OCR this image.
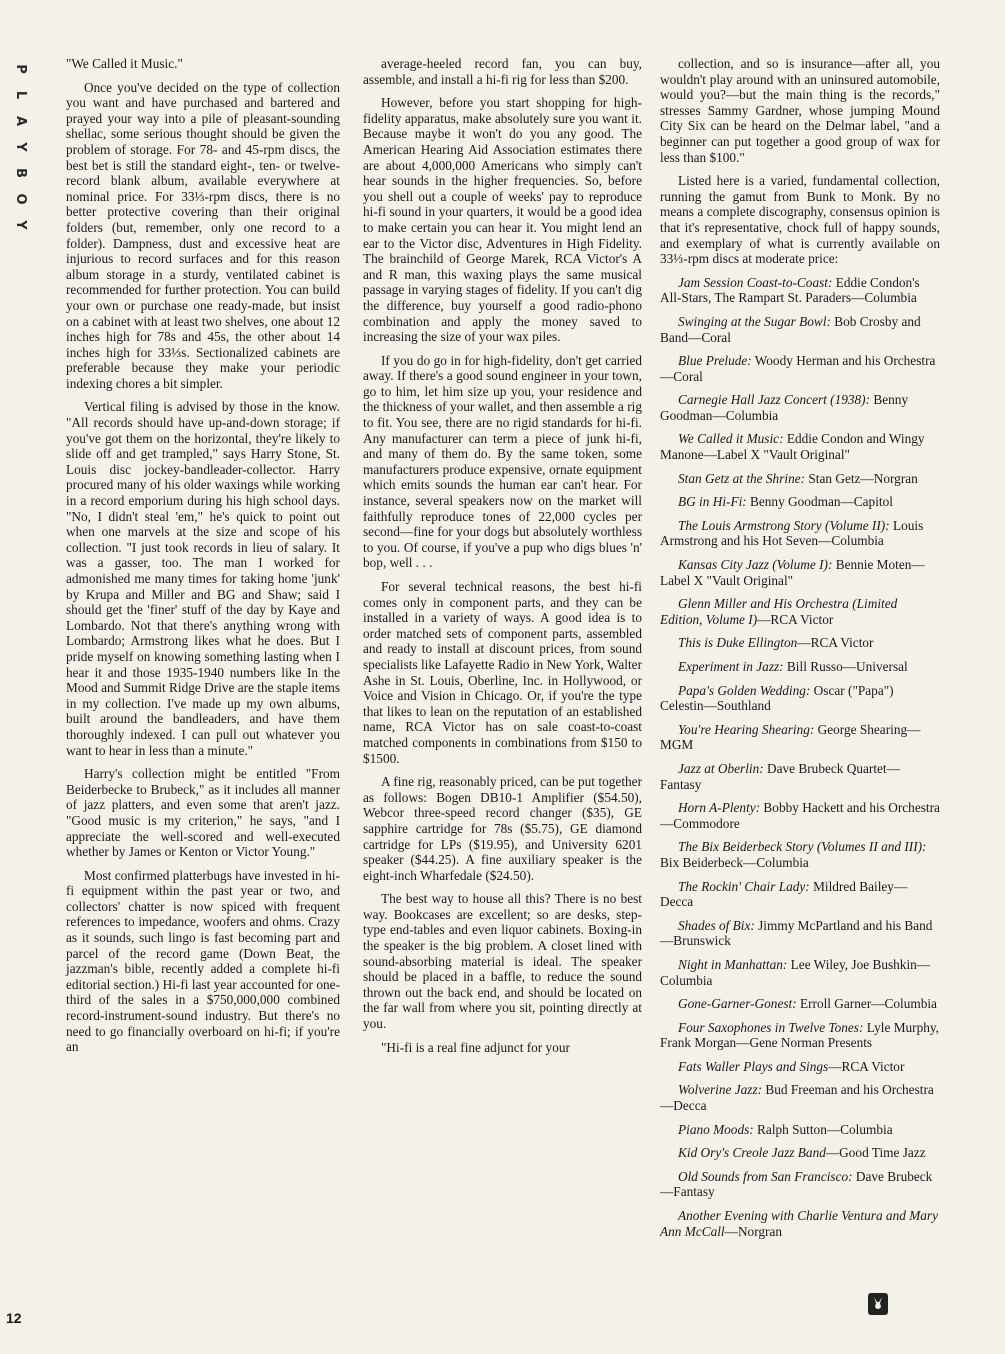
P
L
A
Y
B
O
Y

"We Called it Music."

Once you've decided on the type of collection you want and have purchased and bartered and prayed your way into a pile of pleasant-sounding shellac, some serious thought should be given the problem of storage. For 78- and 45-rpm discs, the best bet is still the standard eight-, ten- or twelve-record blank album, available everywhere at nominal price. For 33⅓-rpm discs, there is no better protective covering than their original folders (but, remember, only one record to a folder). Dampness, dust and excessive heat are injurious to record surfaces and for this reason album storage in a sturdy, ventilated cabinet is recommended for further protection. You can build your own or purchase one ready-made, but insist on a cabinet with at least two shelves, one about 12 inches high for 78s and 45s, the other about 14 inches high for 33⅓s. Sectionalized cabinets are preferable because they make your periodic indexing chores a bit simpler.

Vertical filing is advised by those in the know. "All records should have up-and-down storage; if you've got them on the horizontal, they're likely to slide off and get trampled," says Harry Stone, St. Louis disc jockey-bandleader-collector. Harry procured many of his older waxings while working in a record emporium during his high school days. "No, I didn't steal 'em," he's quick to point out when one marvels at the size and scope of his collection. "I just took records in lieu of salary. It was a gasser, too. The man I worked for admonished me many times for taking home 'junk' by Krupa and Miller and BG and Shaw; said I should get the 'finer' stuff of the day by Kaye and Lombardo. Not that there's anything wrong with Lombardo; Armstrong likes what he does. But I pride myself on knowing something lasting when I hear it and those 1935-1940 numbers like In the Mood and Summit Ridge Drive are the staple items in my collection. I've made up my own albums, built around the bandleaders, and have them thoroughly indexed. I can pull out whatever you want to hear in less than a minute."

Harry's collection might be entitled "From Beiderbecke to Brubeck," as it includes all manner of jazz platters, and even some that aren't jazz. "Good music is my criterion," he says, "and I appreciate the well-scored and well-executed whether by James or Kenton or Victor Young."

Most confirmed platterbugs have invested in hi-fi equipment within the past year or two, and collectors' chatter is now spiced with frequent references to impedance, woofers and ohms. Crazy as it sounds, such lingo is fast becoming part and parcel of the record game (Down Beat, the jazzman's bible, recently added a complete hi-fi editorial section.) Hi-fi last year accounted for one-third of the sales in a $750,000,000 combined record-instrument-sound industry. But there's no need to go financially overboard on hi-fi; if you're an

average-heeled record fan, you can buy, assemble, and install a hi-fi rig for less than $200.

However, before you start shopping for high-fidelity apparatus, make absolutely sure you want it. Because maybe it won't do you any good. The American Hearing Aid Association estimates there are about 4,000,000 Americans who simply can't hear sounds in the higher frequencies. So, before you shell out a couple of weeks' pay to reproduce hi-fi sound in your quarters, it would be a good idea to make certain you can hear it. You might lend an ear to the Victor disc, Adventures in High Fidelity. The brainchild of George Marek, RCA Victor's A and R man, this waxing plays the same musical passage in varying stages of fidelity. If you can't dig the difference, buy yourself a good radio-phono combination and apply the money saved to increasing the size of your wax piles.

If you do go in for high-fidelity, don't get carried away. If there's a good sound engineer in your town, go to him, let him size up you, your residence and the thickness of your wallet, and then assemble a rig to fit. You see, there are no rigid standards for hi-fi. Any manufacturer can term a piece of junk hi-fi, and many of them do. By the same token, some manufacturers produce expensive, ornate equipment which emits sounds the human ear can't hear. For instance, several speakers now on the market will faithfully reproduce tones of 22,000 cycles per second—fine for your dogs but absolutely worthless to you. Of course, if you've a pup who digs blues 'n' bop, well . . .

For several technical reasons, the best hi-fi comes only in component parts, and they can be installed in a variety of ways. A good idea is to order matched sets of component parts, assembled and ready to install at discount prices, from sound specialists like Lafayette Radio in New York, Walter Ashe in St. Louis, Oberline, Inc. in Hollywood, or Voice and Vision in Chicago. Or, if you're the type that likes to lean on the reputation of an established name, RCA Victor has on sale coast-to-coast matched components in combinations from $150 to $1500.

A fine rig, reasonably priced, can be put together as follows: Bogen DB10-1 Amplifier ($54.50), Webcor three-speed record changer ($35), GE sapphire cartridge for 78s ($5.75), GE diamond cartridge for LPs ($19.95), and University 6201 speaker ($44.25). A fine auxiliary speaker is the eight-inch Wharfedale ($24.50).

The best way to house all this? There is no best way. Bookcases are excellent; so are desks, step-type end-tables and even liquor cabinets. Boxing-in the speaker is the big problem. A closet lined with sound-absorbing material is ideal. The speaker should be placed in a baffle, to reduce the sound thrown out the back end, and should be located on the far wall from where you sit, pointing directly at you.

"Hi-fi is a real fine adjunct for your

collection, and so is insurance—after all, you wouldn't play around with an uninsured automobile, would you?—but the main thing is the records," stresses Sammy Gardner, whose jumping Mound City Six can be heard on the Delmar label, "and a beginner can put together a good group of wax for less than $100."

Listed here is a varied, fundamental collection, running the gamut from Bunk to Monk. By no means a complete discography, consensus opinion is that it's representative, chock full of happy sounds, and exemplary of what is currently available on 33⅓-rpm discs at moderate price:

Jam Session Coast-to-Coast: Eddie Condon's All-Stars, The Rampart St. Paraders—Columbia

Swinging at the Sugar Bowl: Bob Crosby and Band—Coral

Blue Prelude: Woody Herman and his Orchestra—Coral

Carnegie Hall Jazz Concert (1938): Benny Goodman—Columbia

We Called it Music: Eddie Condon and Wingy Manone—Label X "Vault Original"

Stan Getz at the Shrine: Stan Getz—Norgran

BG in Hi-Fi: Benny Goodman—Capitol

The Louis Armstrong Story (Volume II): Louis Armstrong and his Hot Seven—Columbia

Kansas City Jazz (Volume I): Bennie Moten—Label X "Vault Original"

Glenn Miller and His Orchestra (Limited Edition, Volume I)—RCA Victor

This is Duke Ellington—RCA Victor

Experiment in Jazz: Bill Russo—Universal

Papa's Golden Wedding: Oscar ("Papa") Celestin—Southland

You're Hearing Shearing: George Shearing—MGM

Jazz at Oberlin: Dave Brubeck Quartet—Fantasy

Horn A-Plenty: Bobby Hackett and his Orchestra—Commodore

The Bix Beiderbeck Story (Volumes II and III): Bix Beiderbeck—Columbia

The Rockin' Chair Lady: Mildred Bailey—Decca

Shades of Bix: Jimmy McPartland and his Band—Brunswick

Night in Manhattan: Lee Wiley, Joe Bushkin—Columbia

Gone-Garner-Gonest: Erroll Garner—Columbia

Four Saxophones in Twelve Tones: Lyle Murphy, Frank Morgan—Gene Norman Presents

Fats Waller Plays and Sings—RCA Victor

Wolverine Jazz: Bud Freeman and his Orchestra—Decca

Piano Moods: Ralph Sutton—Columbia

Kid Ory's Creole Jazz Band—Good Time Jazz

Old Sounds from San Francisco: Dave Brubeck—Fantasy

Another Evening with Charlie Ventura and Mary Ann McCall—Norgran

12
